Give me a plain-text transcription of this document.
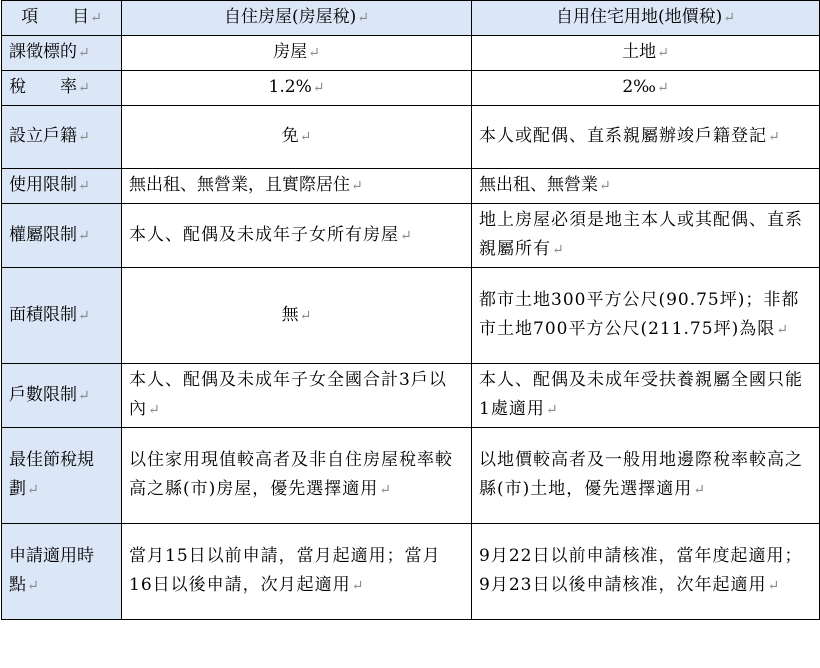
項　　目↵	自住房屋(房屋稅)↵	自用住宅用地(地價稅)↵
課徵標的↵	房屋↵	土地↵
稅　　率↵	1.2%↵	2‰↵
設立戶籍↵	免↵	本人或配偶、直系親屬辦竣戶籍登記↵
使用限制↵	無出租、無營業，且實際居住↵	無出租、無營業↵
權屬限制↵	本人、配偶及未成年子女所有房屋↵	地上房屋必須是地主本人或其配偶、直系親屬所有↵
面積限制↵	無↵	都市土地300平方公尺(90.75坪)；非都市土地700平方公尺(211.75坪)為限↵
戶數限制↵	本人、配偶及未成年子女全國合計3戶以內↵	本人、配偶及未成年受扶養親屬全國只能1處適用↵
最佳節稅規　　劃↵	以住家用現值較高者及非自住房屋稅率較高之縣(市)房屋，優先選擇適用↵	以地價較高者及一般用地邊際稅率較高之縣(市)土地，優先選擇適用↵
申請適用時　　點↵	當月15日以前申請，當月起適用；當月16日以後申請，次月起適用↵	9月22日以前申請核准，當年度起適用；9月23日以後申請核准，次年起適用↵
